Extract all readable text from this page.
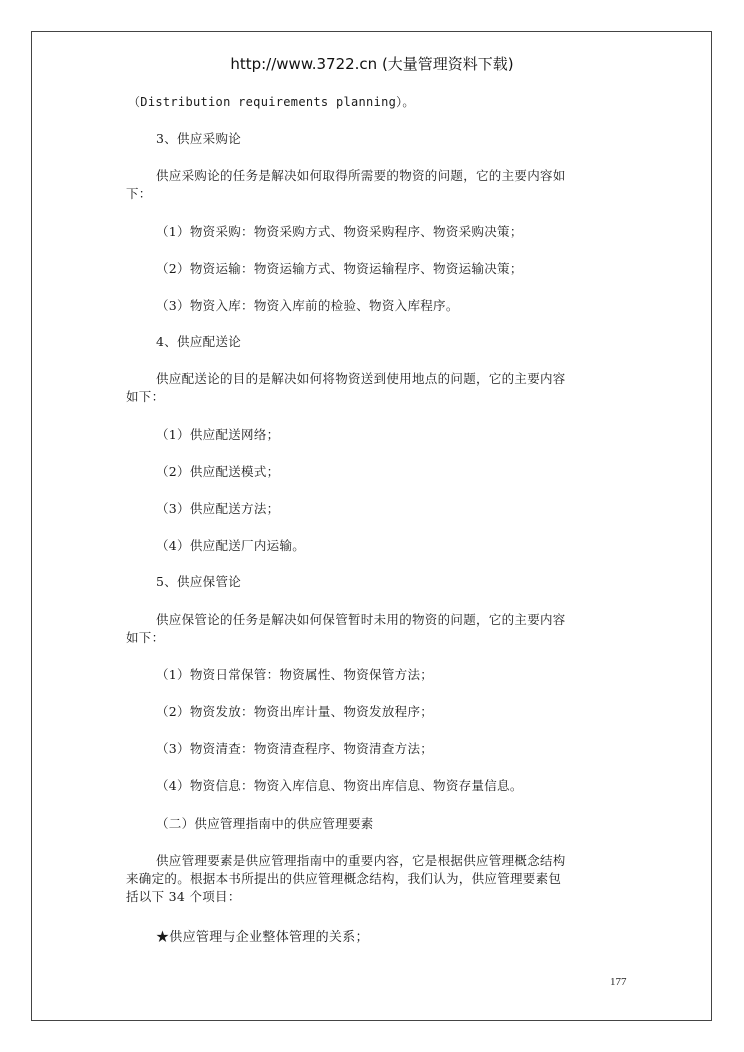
http://www.3722.cn (大量管理资料下载)
（Distribution requirements planning）。
3、供应采购论
供应采购论的任务是解决如何取得所需要的物资的问题，它的主要内容如
下：
（1）物资采购：物资采购方式、物资采购程序、物资采购决策；
（2）物资运输：物资运输方式、物资运输程序、物资运输决策；
（3）物资入库：物资入库前的检验、物资入库程序。
4、供应配送论
供应配送论的目的是解决如何将物资送到使用地点的问题，它的主要内容
如下：
（1）供应配送网络；
（2）供应配送模式；
（3）供应配送方法；
（4）供应配送厂内运输。
5、供应保管论
供应保管论的任务是解决如何保管暂时未用的物资的问题，它的主要内容
如下：
（1）物资日常保管：物资属性、物资保管方法；
（2）物资发放：物资出库计量、物资发放程序；
（3）物资清查：物资清查程序、物资清查方法；
（4）物资信息：物资入库信息、物资出库信息、物资存量信息。
（二）供应管理指南中的供应管理要素
供应管理要素是供应管理指南中的重要内容，它是根据供应管理概念结构
来确定的。根据本书所提出的供应管理概念结构，我们认为，供应管理要素包
括以下 34 个项目：
★供应管理与企业整体管理的关系；
177
